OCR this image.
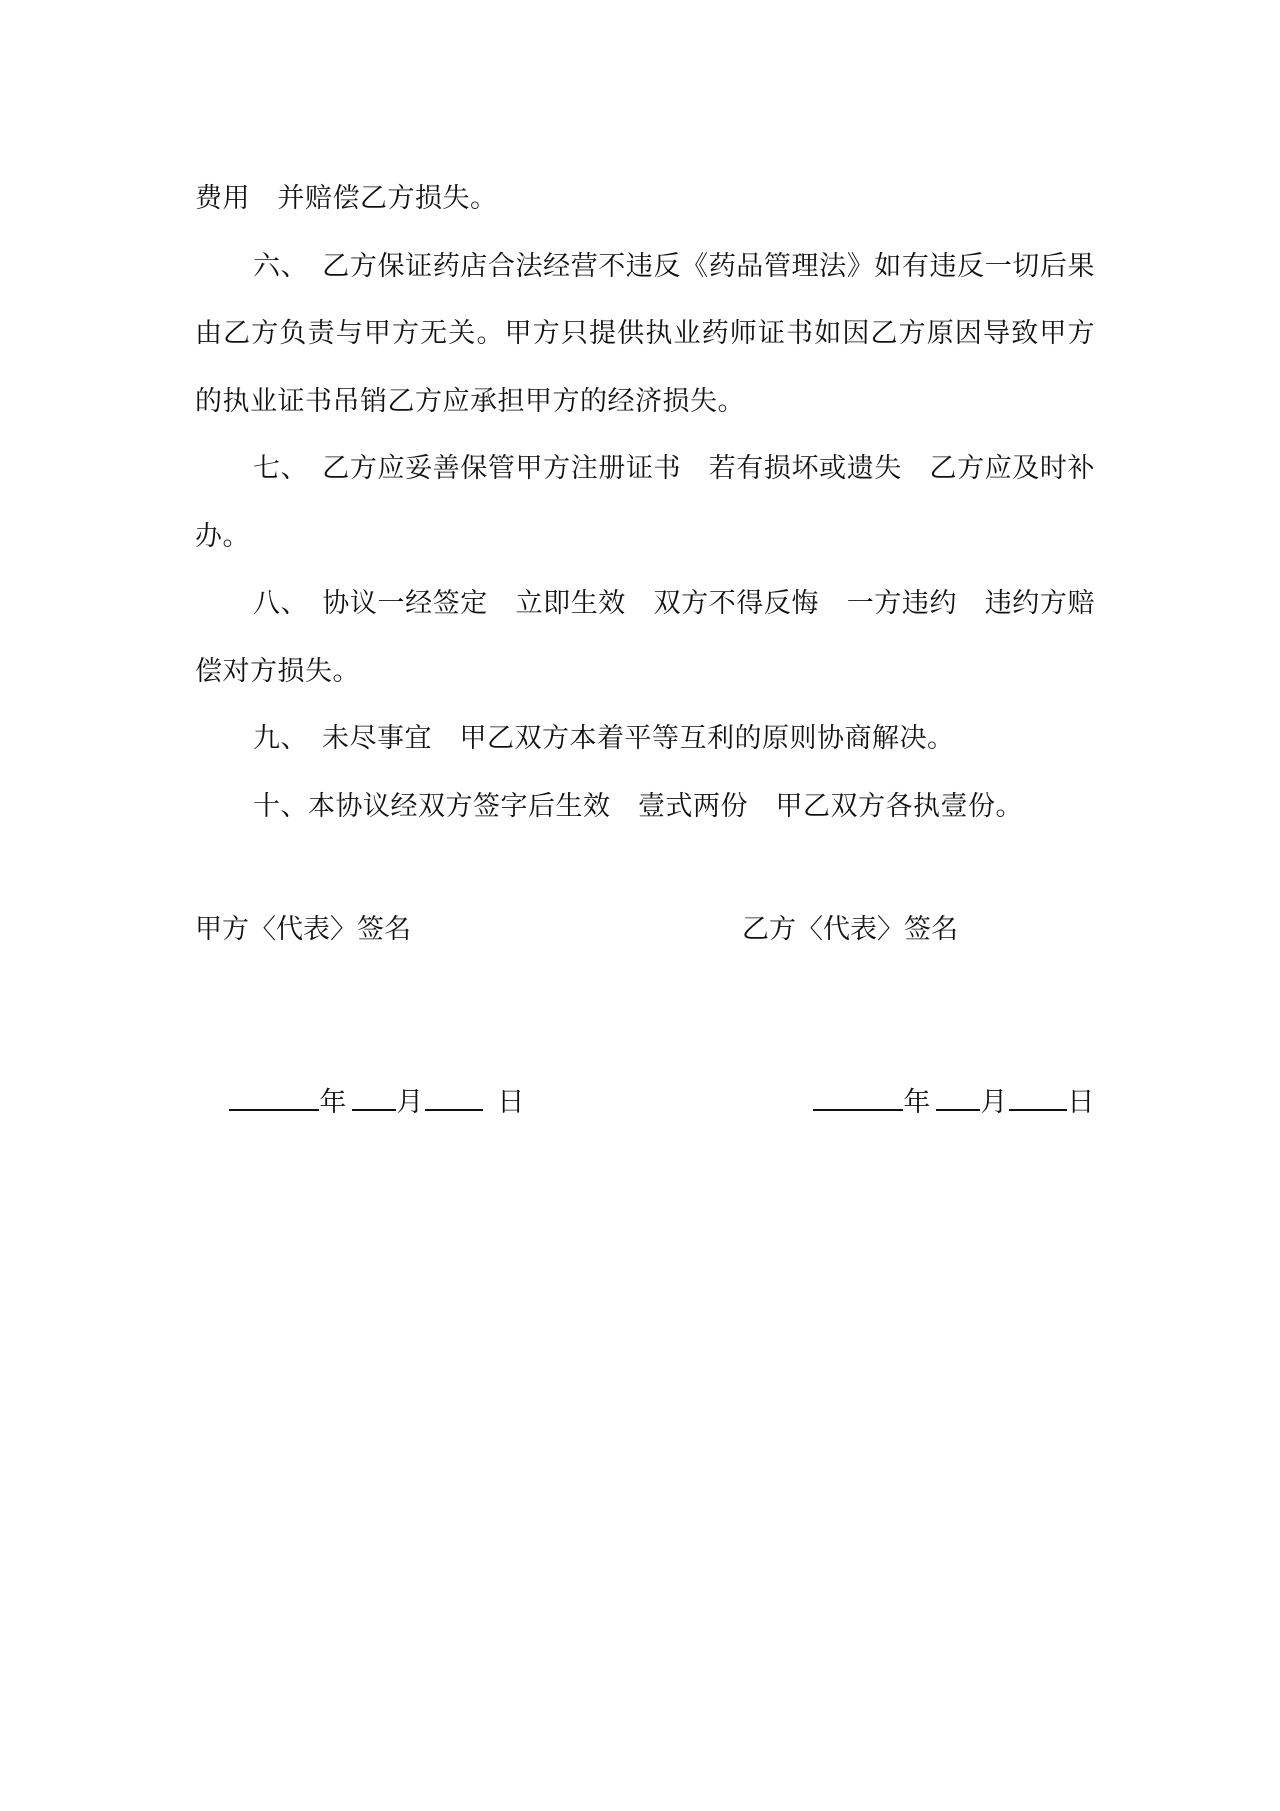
费用　并赔偿乙方损失。

六、　乙方保证药店合法经营不违反《药品管理法》如有违反一切后果由乙方负责与甲方无关。甲方只提供执业药师证书如因乙方原因导致甲方的执业证书吊销乙方应承担甲方的经济损失。

七、　乙方应妥善保管甲方注册证书　若有损坏或遗失　乙方应及时补办。

八、　协议一经签定　立即生效　双方不得反悔　一方违约　违约方赔偿对方损失。

九、　未尽事宜　甲乙双方本着平等互利的原则协商解决。

十、本协议经双方签字后生效　壹式两份　甲乙双方各执壹份。

甲方〈代表〉签名	乙方〈代表〉签名

年 月	日
	年 月 日
